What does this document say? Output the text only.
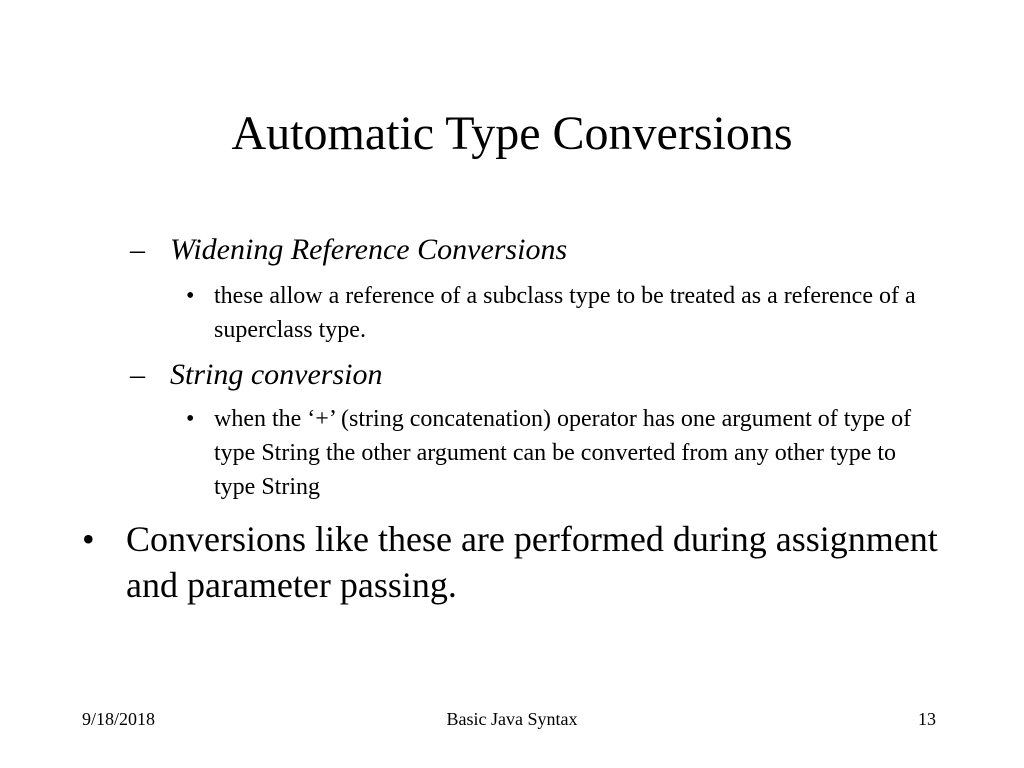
Automatic Type Conversions
– Widening Reference Conversions
• these allow a reference of a subclass type to be treated as a reference of a superclass type.
– String conversion
• when the ‘+’ (string concatenation) operator has one argument of type of type String the other argument can be converted from any other type to type String
• Conversions like these are performed during assignment and parameter passing.
9/18/2018	Basic Java Syntax	13
